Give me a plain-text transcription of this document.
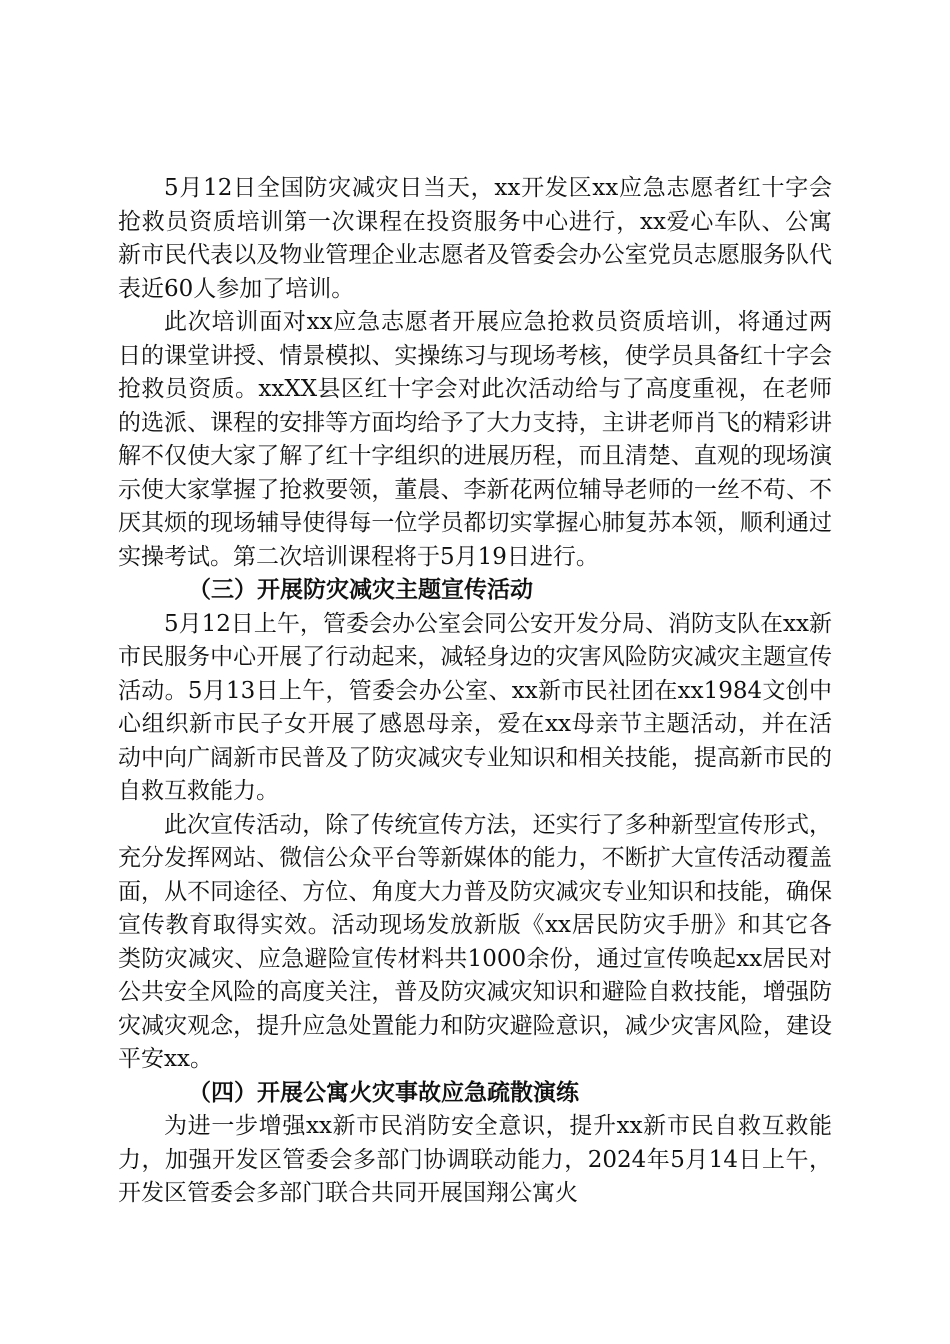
5月12日全国防灾减灾日当天，xx开发区xx应急志愿者红十字会抢救员资质培训第一次课程在投资服务中心进行，xx爱心车队、公寓新市民代表以及物业管理企业志愿者及管委会办公室党员志愿服务队代表近60人参加了培训。

此次培训面对xx应急志愿者开展应急抢救员资质培训，将通过两日的课堂讲授、情景模拟、实操练习与现场考核，使学员具备红十字会抢救员资质。xxXX县区红十字会对此次活动给与了高度重视，在老师的选派、课程的安排等方面均给予了大力支持，主讲老师肖飞的精彩讲解不仅使大家了解了红十字组织的进展历程，而且清楚、直观的现场演示使大家掌握了抢救要领，董晨、李新花两位辅导老师的一丝不苟、不厌其烦的现场辅导使得每一位学员都切实掌握心肺复苏本领，顺利通过实操考试。第二次培训课程将于5月19日进行。

（三）开展防灾减灾主题宣传活动

5月12日上午，管委会办公室会同公安开发分局、消防支队在xx新市民服务中心开展了行动起来，减轻身边的灾害风险防灾减灾主题宣传活动。5月13日上午，管委会办公室、xx新市民社团在xx1984文创中心组织新市民子女开展了感恩母亲，爱在xx母亲节主题活动，并在活动中向广阔新市民普及了防灾减灾专业知识和相关技能，提高新市民的自救互救能力。

此次宣传活动，除了传统宣传方法，还实行了多种新型宣传形式，充分发挥网站、微信公众平台等新媒体的能力，不断扩大宣传活动覆盖面，从不同途径、方位、角度大力普及防灾减灾专业知识和技能，确保宣传教育取得实效。活动现场发放新版《xx居民防灾手册》和其它各类防灾减灾、应急避险宣传材料共1000余份，通过宣传唤起xx居民对公共安全风险的高度关注，普及防灾减灾知识和避险自救技能，增强防灾减灾观念，提升应急处置能力和防灾避险意识，减少灾害风险，建设平安xx。

（四）开展公寓火灾事故应急疏散演练

为进一步增强xx新市民消防安全意识，提升xx新市民自救互救能力，加强开发区管委会多部门协调联动能力，2024年5月14日上午，开发区管委会多部门联合共同开展国翔公寓火
